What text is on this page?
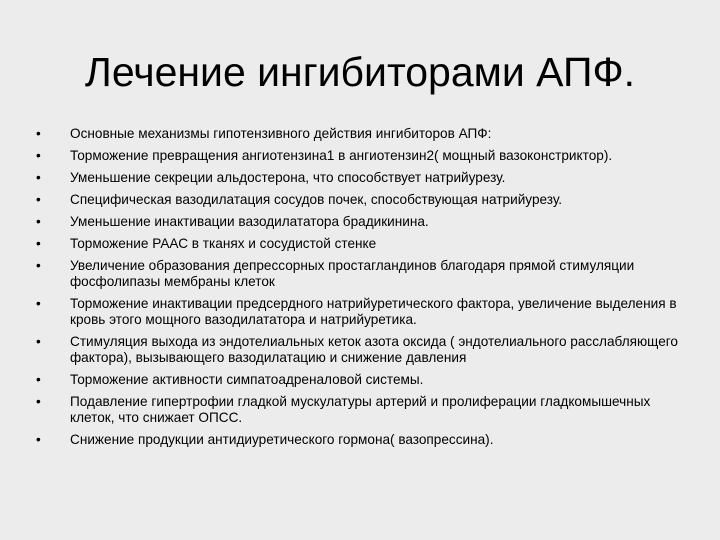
Лечение ингибиторами АПФ.
• Основные механизмы гипотензивного действия ингибиторов АПФ:
• Торможение превращения ангиотензина1 в ангиотензин2( мощный вазоконстриктор).
• Уменьшение секреции альдостерона, что способствует натрийурезу.
• Специфическая вазодилатация сосудов почек, способствующая натрийурезу.
• Уменьшение инактивации вазодилататора брадикинина.
• Торможение РААС в тканях и сосудистой стенке
• Увеличение образования депрессорных простагландинов благодаря прямой стимуляции фосфолипазы мембраны клеток
• Торможение инактивации предсердного натрийуретического фактора, увеличение выделения в кровь этого мощного вазодилататора и натрийуретика.
• Стимуляция выхода из эндотелиальных кеток азота оксида ( эндотелиального расслабляющего фактора), вызывающего вазодилатацию и снижение давления
• Торможение активности симпатоадреналовой системы.
• Подавление гипертрофии гладкой мускулатуры артерий и пролиферации гладкомышечных клеток, что снижает ОПСС.
• Снижение продукции антидиуретического гормона( вазопрессина).
